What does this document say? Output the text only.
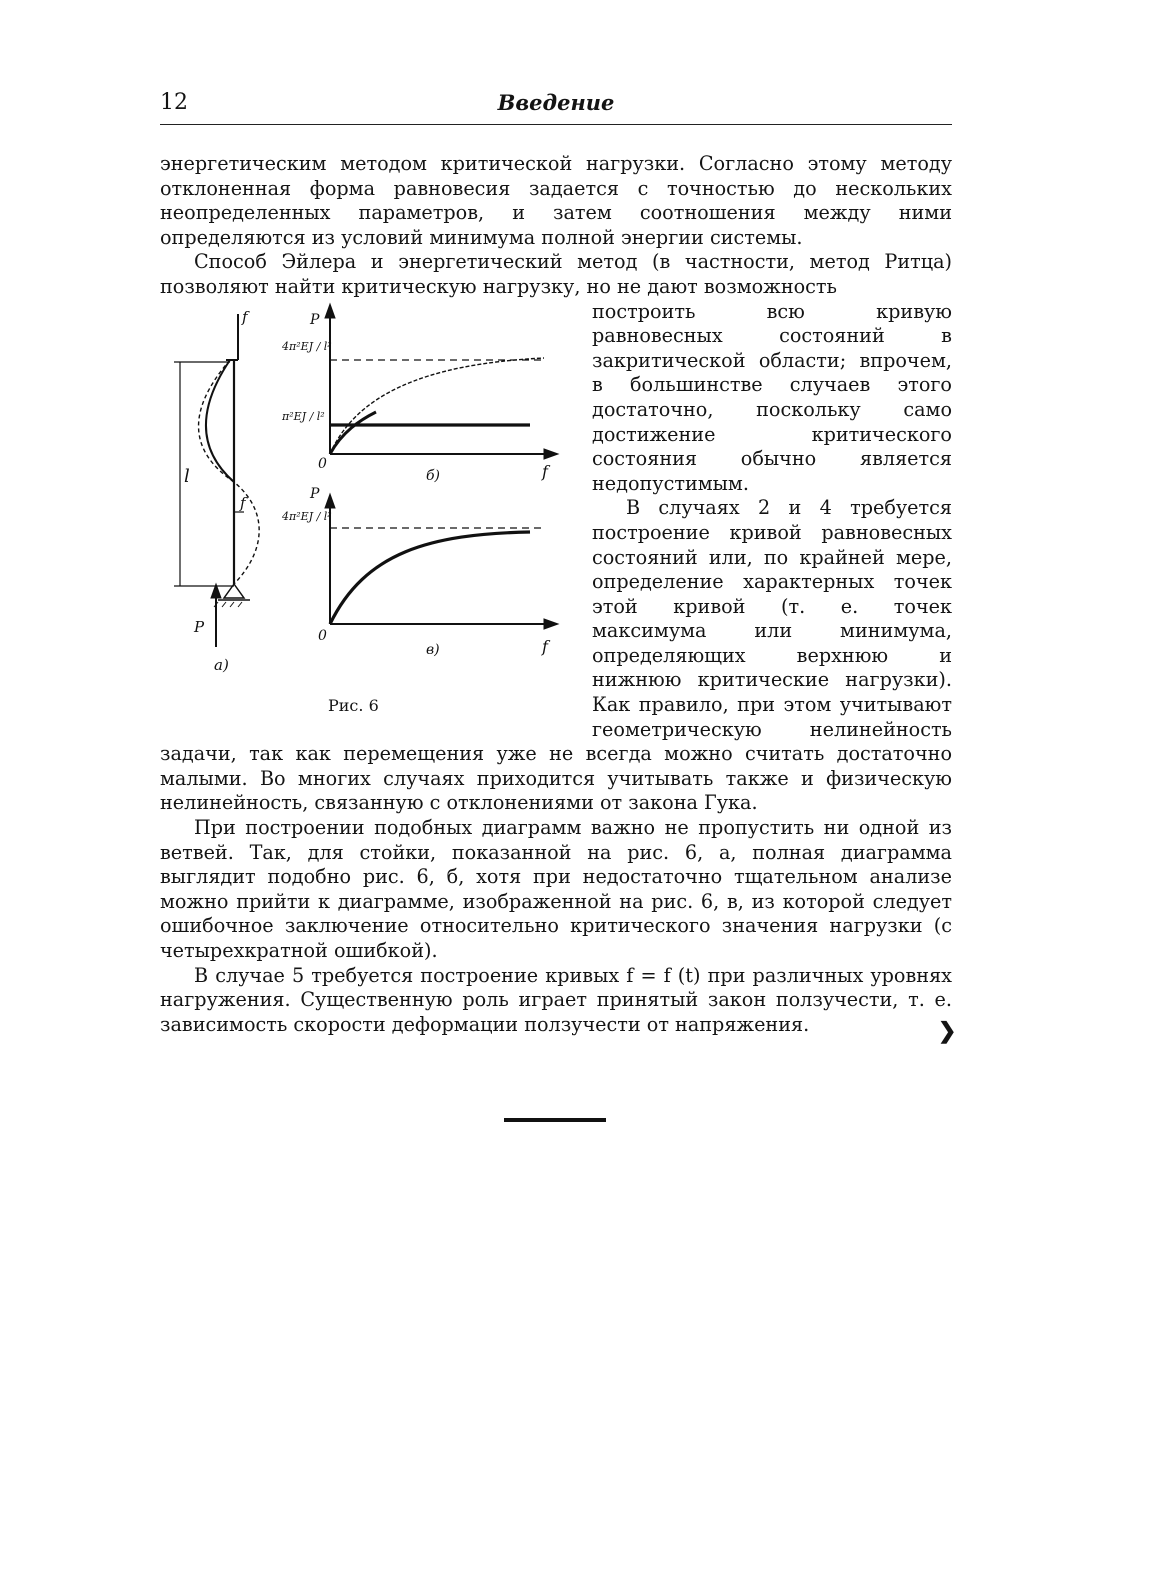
12	Введение

энергетическим методом критической нагрузки. Согласно этому методу отклоненная форма равновесия задается с точностью до нескольких неопределенных параметров, и затем соотношения между ними определяются из условий минимума полной энергии системы.

Способ Эйлера и энергетический метод (в частности, метод Ритца) позволяют найти критическую нагрузку, но не дают возможность

f
l
f
P
а)
P
4π²EJ / l²
π²EJ / l²
0
б)	f
P
4π²EJ / l²
0
в)	f
Рис. 6

построить всю кривую равновесных состояний в закритической области; впрочем, в большинстве случаев этого достаточно, поскольку само достижение критического состояния обычно является недопустимым.

В случаях 2 и 4 требуется построение кривой равновесных состояний или, по крайней мере, определение характерных точек этой кривой (т. е. точек максимума или минимума, определяющих верхнюю и нижнюю критические нагрузки). Как правило, при этом учитывают геометрическую нелинейность задачи, так как перемещения уже не всегда можно считать достаточно малыми. Во многих случаях приходится учитывать также и физическую нелинейность, связанную с отклонениями от закона Гука.

При построении подобных диаграмм важно не пропустить ни одной из ветвей. Так, для стойки, показанной на рис. 6, а, полная диаграмма выглядит подобно рис. 6, б, хотя при недостаточно тщательном анализе можно прийти к диаграмме, изображенной на рис. 6, в, из которой следует ошибочное заключение относительно критического значения нагрузки (с четырехкратной ошибкой).

В случае 5 требуется построение кривых f = f (t) при различных уровнях нагружения. Существенную роль играет принятый закон ползучести, т. е. зависимость скорости деформации ползучести от напряжения.	❯
